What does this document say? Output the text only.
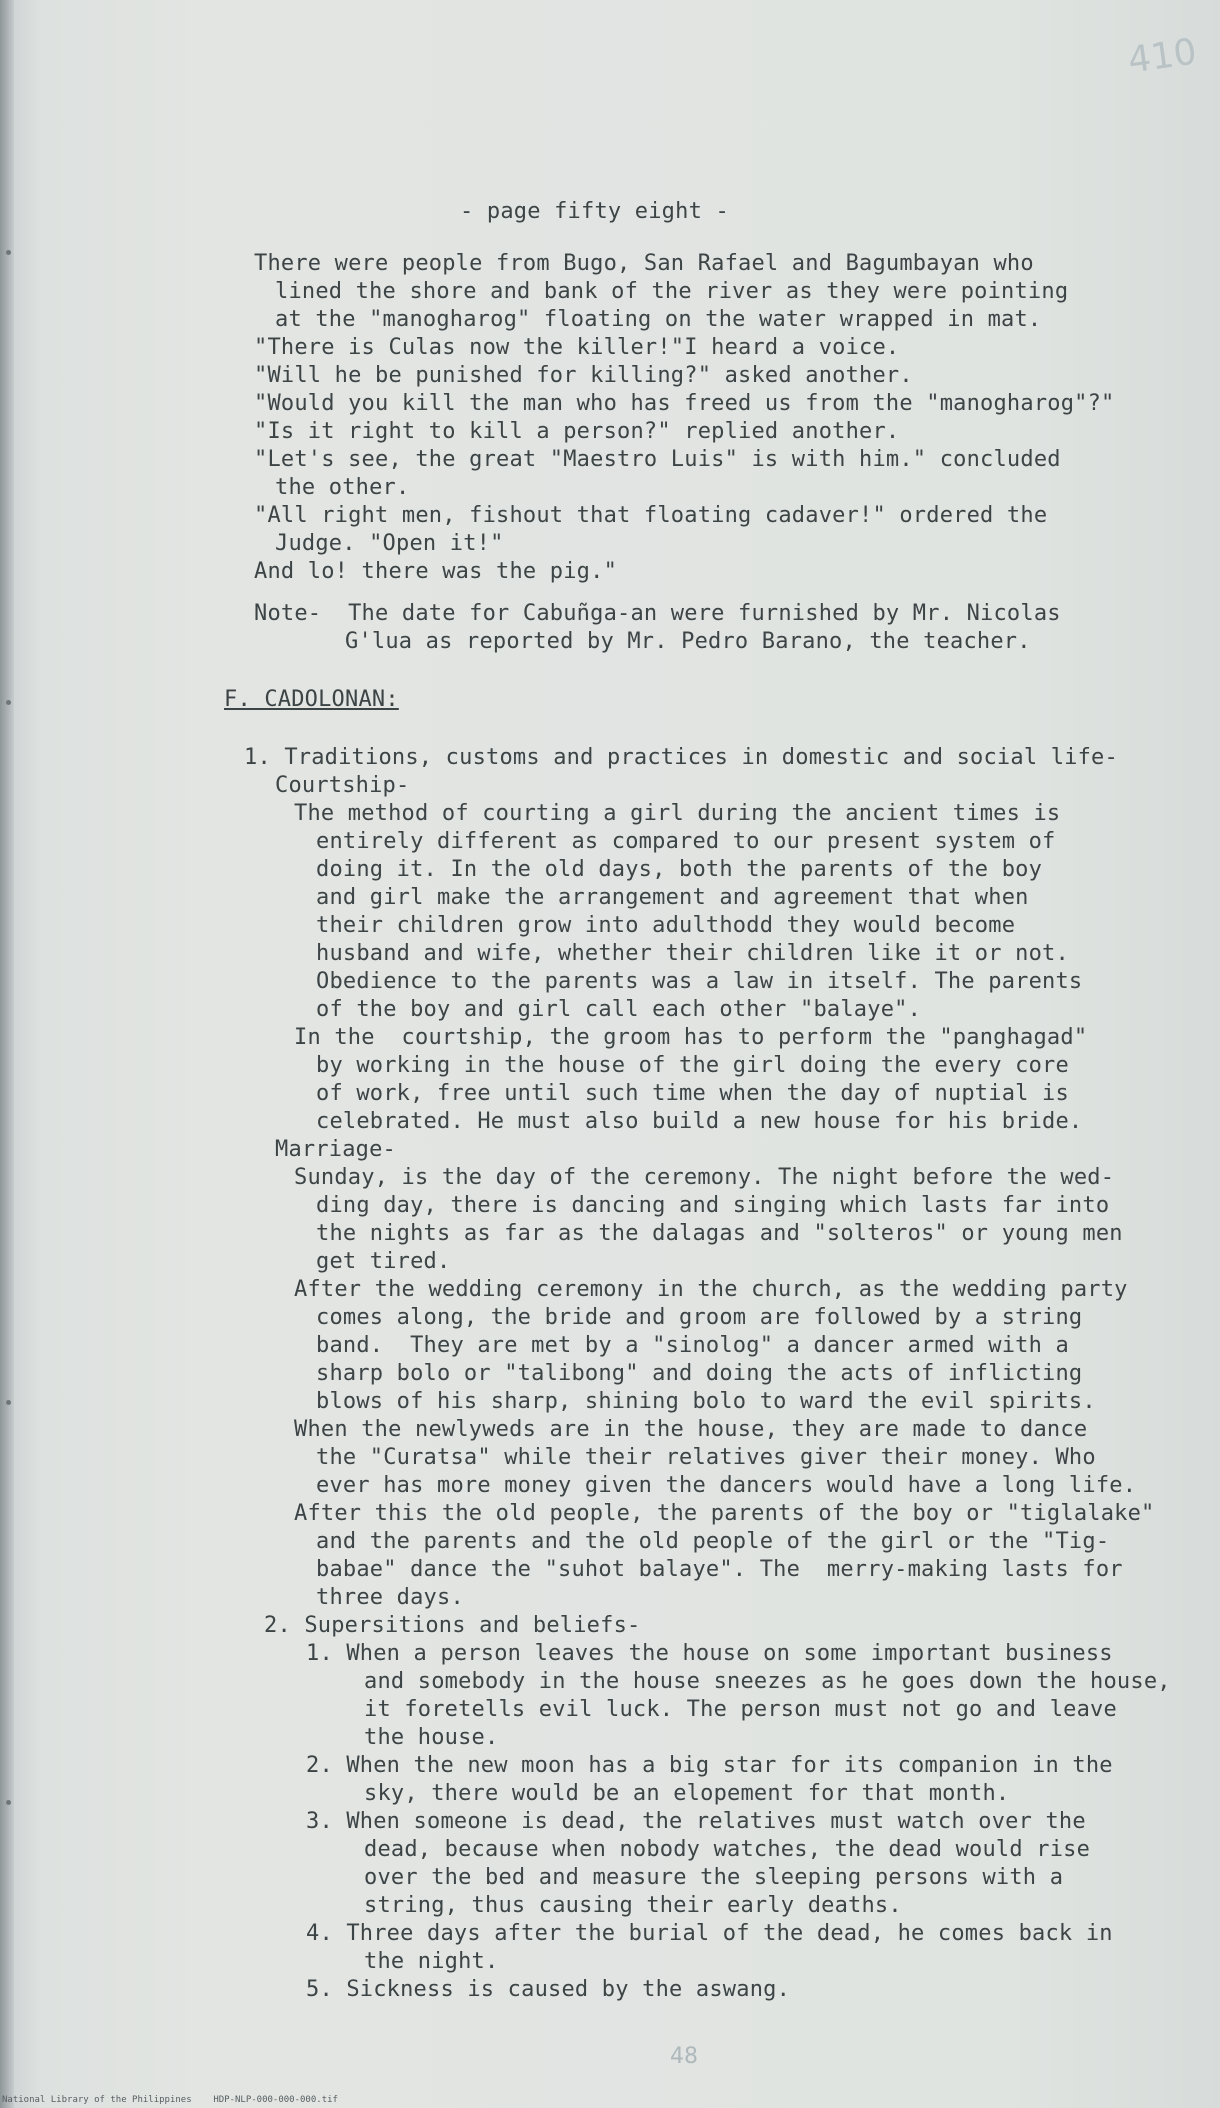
410
- page fifty eight -
There were people from Bugo, San Rafael and Bagumbayan who
lined the shore and bank of the river as they were pointing
at the "manogharog" floating on the water wrapped in mat.
"There is Culas now the killer!"I heard a voice.
"Will he be punished for killing?" asked another.
"Would you kill the man who has freed us from the "manogharog"?"
"Is it right to kill a person?" replied another.
"Let's see, the great "Maestro Luis" is with him." concluded
the other.
"All right men, fishout that floating cadaver!" ordered the
Judge. "Open it!"
And lo! there was the pig."
Note-  The date for Cabuñga-an were furnished by Mr. Nicolas
G'lua as reported by Mr. Pedro Barano, the teacher.
F. CADOLONAN:
1. Traditions, customs and practices in domestic and social life-
Courtship-
The method of courting a girl during the ancient times is
entirely different as compared to our present system of
doing it. In the old days, both the parents of the boy
and girl make the arrangement and agreement that when
their children grow into adulthodd they would become
husband and wife, whether their children like it or not.
Obedience to the parents was a law in itself. The parents
of the boy and girl call each other "balaye".
In the  courtship, the groom has to perform the "panghagad"
by working in the house of the girl doing the every core
of work, free until such time when the day of nuptial is
celebrated. He must also build a new house for his bride.
Marriage-
Sunday, is the day of the ceremony. The night before the wed-
ding day, there is dancing and singing which lasts far into
the nights as far as the dalagas and "solteros" or young men
get tired.
After the wedding ceremony in the church, as the wedding party
comes along, the bride and groom are followed by a string
band.  They are met by a "sinolog" a dancer armed with a
sharp bolo or "talibong" and doing the acts of inflicting
blows of his sharp, shining bolo to ward the evil spirits.
When the newlyweds are in the house, they are made to dance
the "Curatsa" while their relatives giver their money. Who
ever has more money given the dancers would have a long life.
After this the old people, the parents of the boy or "tiglalake"
and the parents and the old people of the girl or the "Tig-
babae" dance the "suhot balaye". The  merry-making lasts for
three days.
2. Supersitions and beliefs-
1. When a person leaves the house on some important business
and somebody in the house sneezes as he goes down the house,
it foretells evil luck. The person must not go and leave
the house.
2. When the new moon has a big star for its companion in the
sky, there would be an elopement for that month.
3. When someone is dead, the relatives must watch over the
dead, because when nobody watches, the dead would rise
over the bed and measure the sleeping persons with a
string, thus causing their early deaths.
4. Three days after the burial of the dead, he comes back in
the night.
5. Sickness is caused by the aswang.
48
National Library of the Philippines    HDP-NLP-000-000-000.tif
